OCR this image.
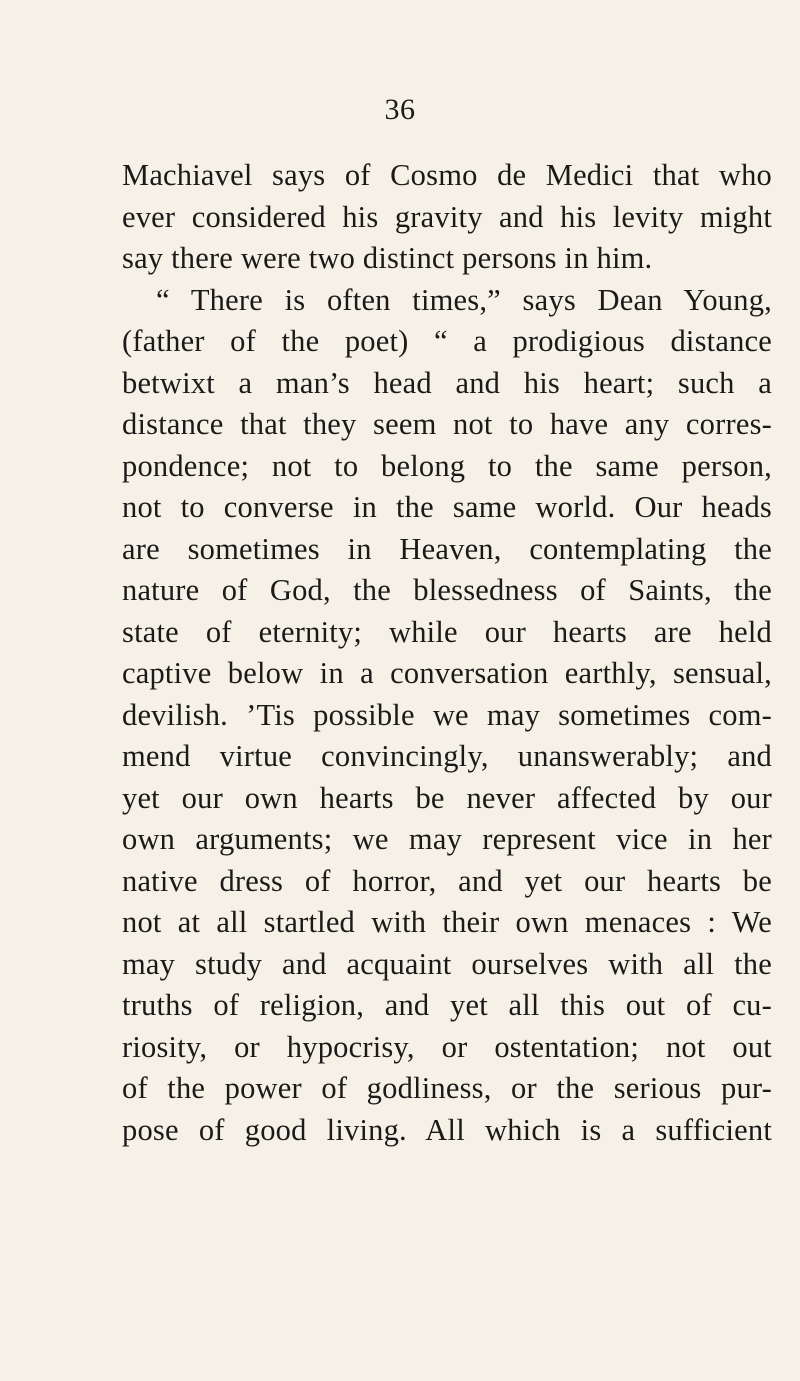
36
Machiavel says of Cosmo de Medici that who
ever considered his gravity and his levity might
say there were two distinct persons in him.
“ There is often times,” says Dean Young,
(father of the poet) “ a prodigious distance
betwixt a man’s head and his heart; such a
distance that they seem not to have any corres-
pondence; not to belong to the same person,
not to converse in the same world. Our heads
are sometimes in Heaven, contemplating the
nature of God, the blessedness of Saints, the
state of eternity; while our hearts are held
captive below in a conversation earthly, sensual,
devilish. ’Tis possible we may sometimes com-
mend virtue convincingly, unanswerably; and
yet our own hearts be never affected by our
own arguments; we may represent vice in her
native dress of horror, and yet our hearts be
not at all startled with their own menaces : We
may study and acquaint ourselves with all the
truths of religion, and yet all this out of cu-
riosity, or hypocrisy, or ostentation; not out
of the power of godliness, or the serious pur-
pose of good living. All which is a sufficient
